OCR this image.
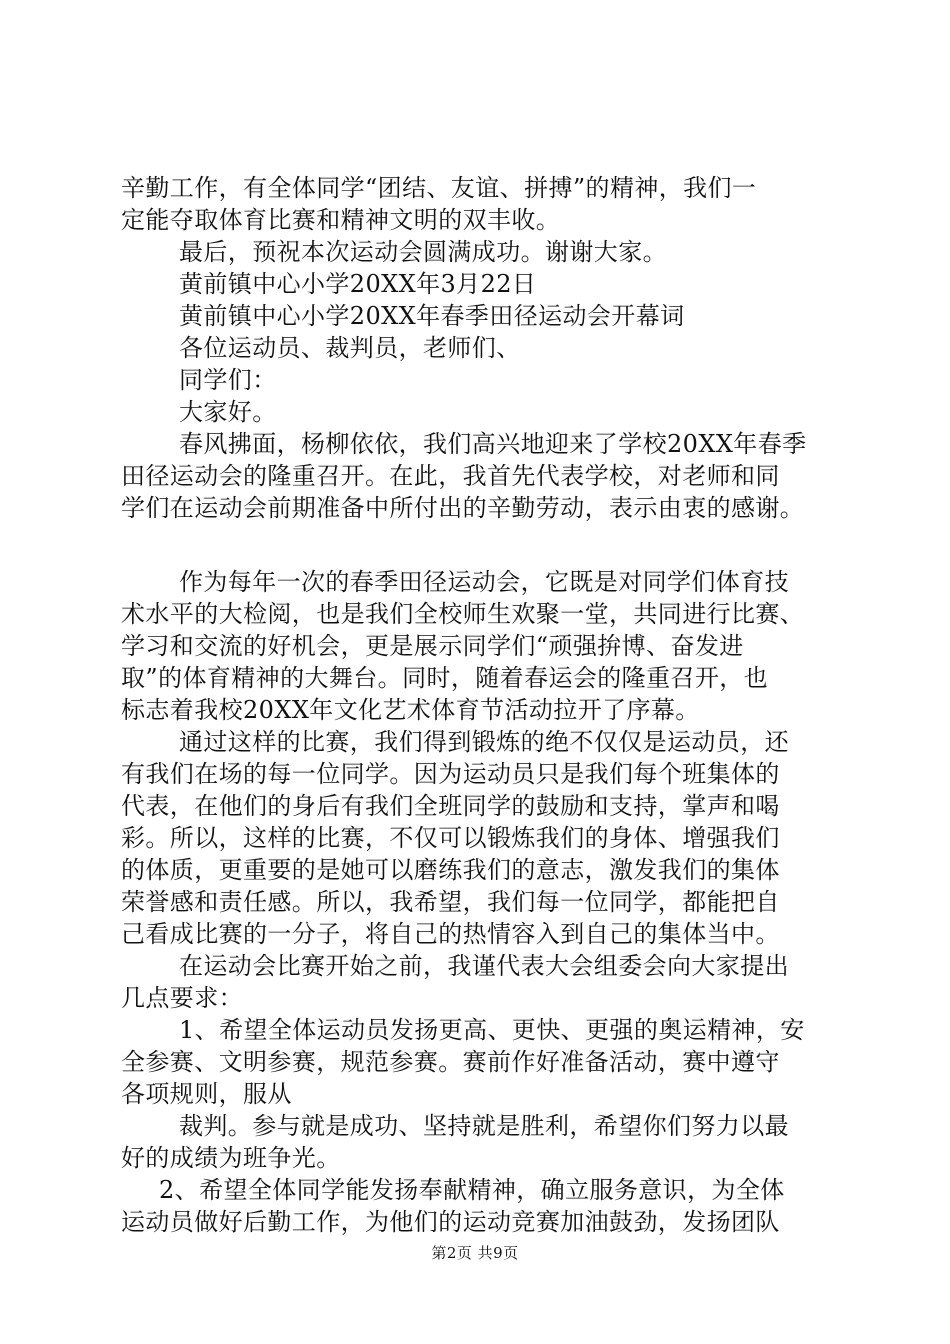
辛勤工作，有全体同学“团结、友谊、拼搏”的精神，我们一
定能夺取体育比赛和精神文明的双丰收。
最后，预祝本次运动会圆满成功。谢谢大家。
黄前镇中心小学20XX年3月22日
黄前镇中心小学20XX年春季田径运动会开幕词
各位运动员、裁判员，老师们、
同学们：
大家好。
春风拂面，杨柳依依，我们高兴地迎来了学校20XX年春季
田径运动会的隆重召开。在此，我首先代表学校，对老师和同
学们在运动会前期准备中所付出的辛勤劳动，表示由衷的感谢。
作为每年一次的春季田径运动会，它既是对同学们体育技
术水平的大检阅，也是我们全校师生欢聚一堂，共同进行比赛、
学习和交流的好机会，更是展示同学们“顽强拚博、奋发进
取”的体育精神的大舞台。同时，随着春运会的隆重召开，也
标志着我校20XX年文化艺术体育节活动拉开了序幕。
通过这样的比赛，我们得到锻炼的绝不仅仅是运动员，还
有我们在场的每一位同学。因为运动员只是我们每个班集体的
代表，在他们的身后有我们全班同学的鼓励和支持，掌声和喝
彩。所以，这样的比赛，不仅可以锻炼我们的身体、增强我们
的体质，更重要的是她可以磨练我们的意志，激发我们的集体
荣誉感和责任感。所以，我希望，我们每一位同学，都能把自
己看成比赛的一分子，将自己的热情容入到自己的集体当中。
在运动会比赛开始之前，我谨代表大会组委会向大家提出
几点要求：
1、希望全体运动员发扬更高、更快、更强的奥运精神，安
全参赛、文明参赛，规范参赛。赛前作好准备活动，赛中遵守
各项规则，服从
裁判。参与就是成功、坚持就是胜利，希望你们努力以最
好的成绩为班争光。
2、希望全体同学能发扬奉献精神，确立服务意识，为全体
运动员做好后勤工作，为他们的运动竞赛加油鼓劲，发扬团队
第2页 共9页
